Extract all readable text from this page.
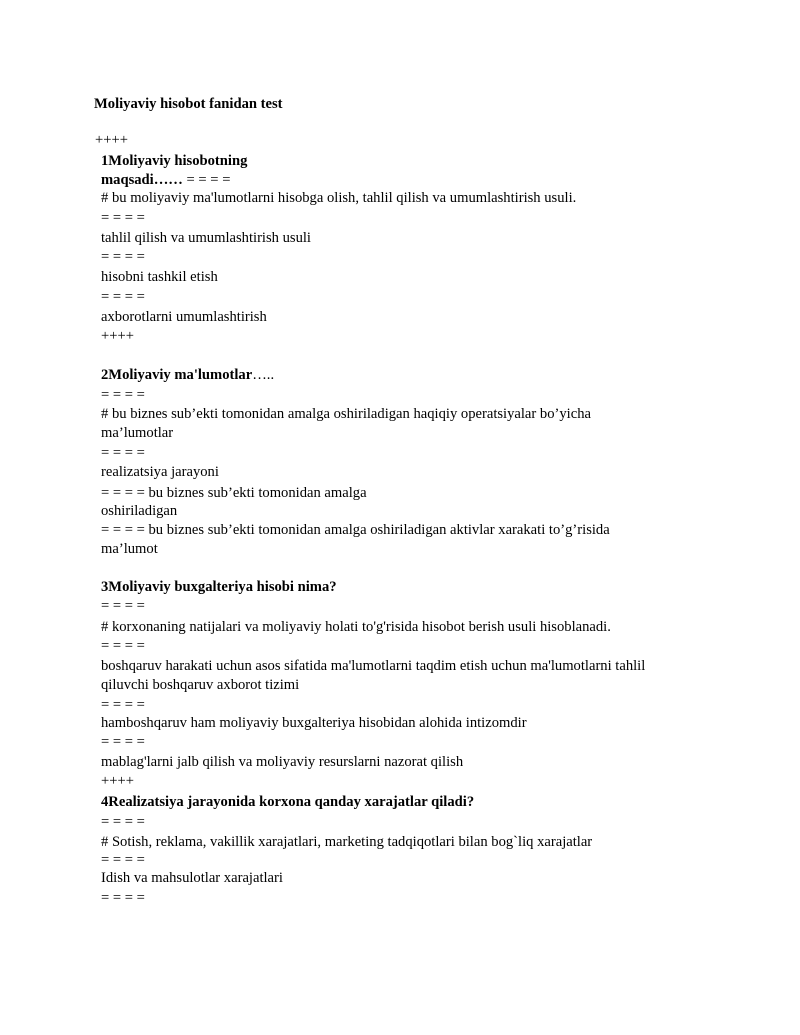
Moliyaviy hisobot fanidan test
++++
1Moliyaviy hisobotning
maqsadi…… = = = =
# bu moliyaviy ma'lumotlarni hisobga olish, tahlil qilish va umumlashtirish usuli.
= = = =
tahlil qilish va umumlashtirish usuli
= = = =
hisobni tashkil etish
= = = =
axborotlarni umumlashtirish
++++
2Moliyaviy ma'lumotlar…..
= = = =
# bu biznes sub’ekti tomonidan amalga oshiriladigan haqiqiy operatsiyalar bo’yicha
ma’lumotlar
= = = =
realizatsiya jarayoni
= = = = bu biznes sub’ekti tomonidan amalga
oshiriladigan
= = = = bu biznes sub’ekti tomonidan amalga oshiriladigan aktivlar xarakati to’g’risida
ma’lumot
3Moliyaviy buxgalteriya hisobi nima?
= = = =
# korxonaning natijalari va moliyaviy holati to'g'risida hisobot berish usuli hisoblanadi.
= = = =
boshqaruv harakati uchun asos sifatida ma'lumotlarni taqdim etish uchun ma'lumotlarni tahlil
qiluvchi boshqaruv axborot tizimi
= = = =
hamboshqaruv ham moliyaviy buxgalteriya hisobidan alohida intizomdir
= = = =
mablag'larni jalb qilish va moliyaviy resurslarni nazorat qilish
++++
4Realizatsiya jarayonida korxona qanday xarajatlar qiladi?
= = = =
# Sotish, reklama, vakillik xarajatlari, marketing tadqiqotlari bilan bog`liq xarajatlar
= = = =
Idish va mahsulotlar xarajatlari
= = = =
